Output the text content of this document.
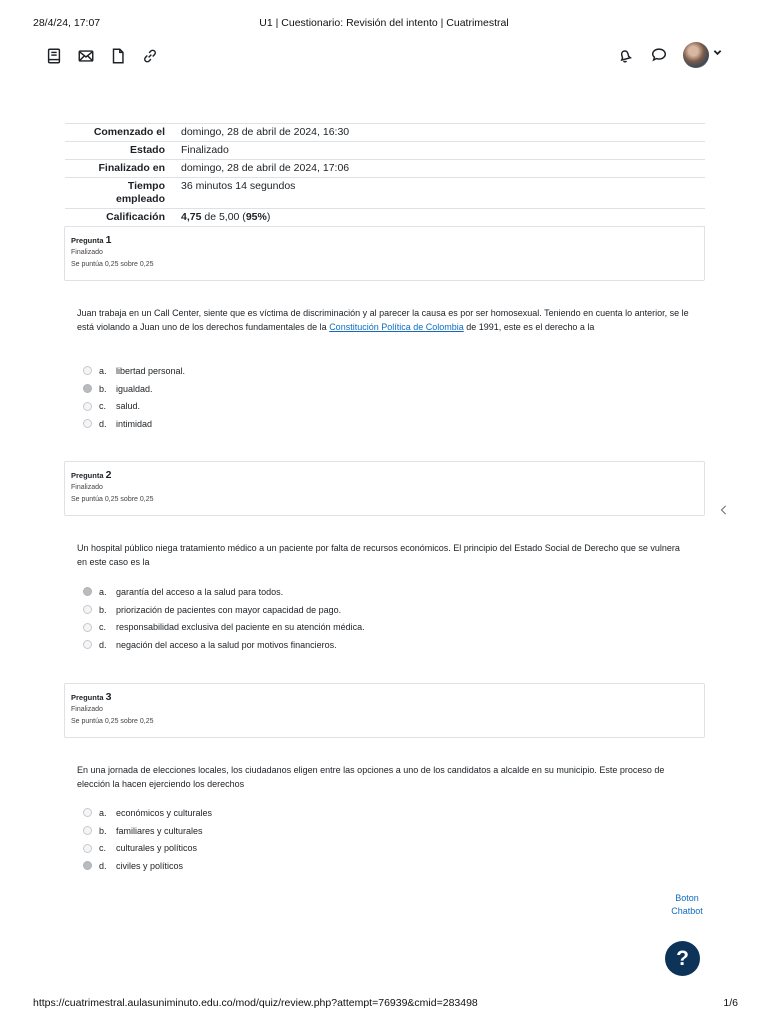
28/4/24, 17:07	U1 | Cuestionario: Revisión del intento | Cuatrimestral
Comenzado el	domingo, 28 de abril de 2024, 16:30
Estado	Finalizado
Finalizado en	domingo, 28 de abril de 2024, 17:06
Tiempo empleado	36 minutos 14 segundos
Calificación	4,75 de 5,00 (95%)
Pregunta 1
Finalizado
Se puntúa 0,25 sobre 0,25
Juan trabaja en un Call Center, siente que es víctima de discriminación y al parecer la causa es por ser homosexual. Teniendo en cuenta lo anterior, se le está violando a Juan uno de los derechos fundamentales de la Constitución Política de Colombia de 1991, este es el derecho a la
a.	libertad personal.
b.	igualdad.
c.	salud.
d.	intimidad
Pregunta 2
Finalizado
Se puntúa 0,25 sobre 0,25
Un hospital público niega tratamiento médico a un paciente por falta de recursos económicos. El principio del Estado Social de Derecho que se vulnera en este caso es la
a.	garantía del acceso a la salud para todos.
b.	priorización de pacientes con mayor capacidad de pago.
c.	responsabilidad exclusiva del paciente en su atención médica.
d.	negación del acceso a la salud por motivos financieros.
Pregunta 3
Finalizado
Se puntúa 0,25 sobre 0,25
En una jornada de elecciones locales, los ciudadanos eligen entre las opciones a uno de los candidatos a alcalde en su municipio. Este proceso de elección la hacen ejerciendo los derechos
a.	económicos y culturales
b.	familiares y culturales
c.	culturales y políticos
d.	civiles y políticos
Boton Chatbot
?
https://cuatrimestral.aulasuniminuto.edu.co/mod/quiz/review.php?attempt=76939&cmid=283498	1/6
